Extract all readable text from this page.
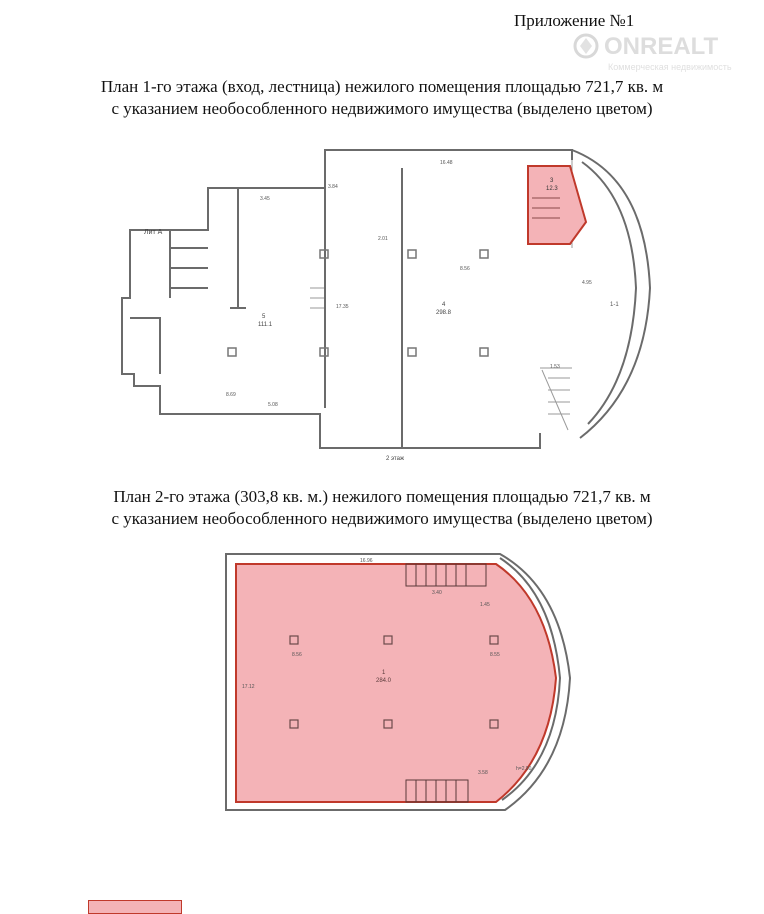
Приложение №1
ONREALT
Коммерческая недвижимость
План 1-го этажа (вход, лестница) нежилого помещения площадью 721,7 кв. м
с указанием необособленного недвижимого имущества (выделено цветом)
Лит А
4
298.8
5
111.1
3
12.3
16.48
3.45
8.56
17.35
5.08
8.69
3.84
2.01
1.53
4.95
1-1
2 этаж
План 2-го этажа (303,8 кв. м.) нежилого помещения площадью 721,7 кв. м
с указанием необособленного недвижимого имущества (выделено цветом)
1
284.0
16.96
3.40
1.45
8.56	8.55
3.58
17.12
h=2.80
